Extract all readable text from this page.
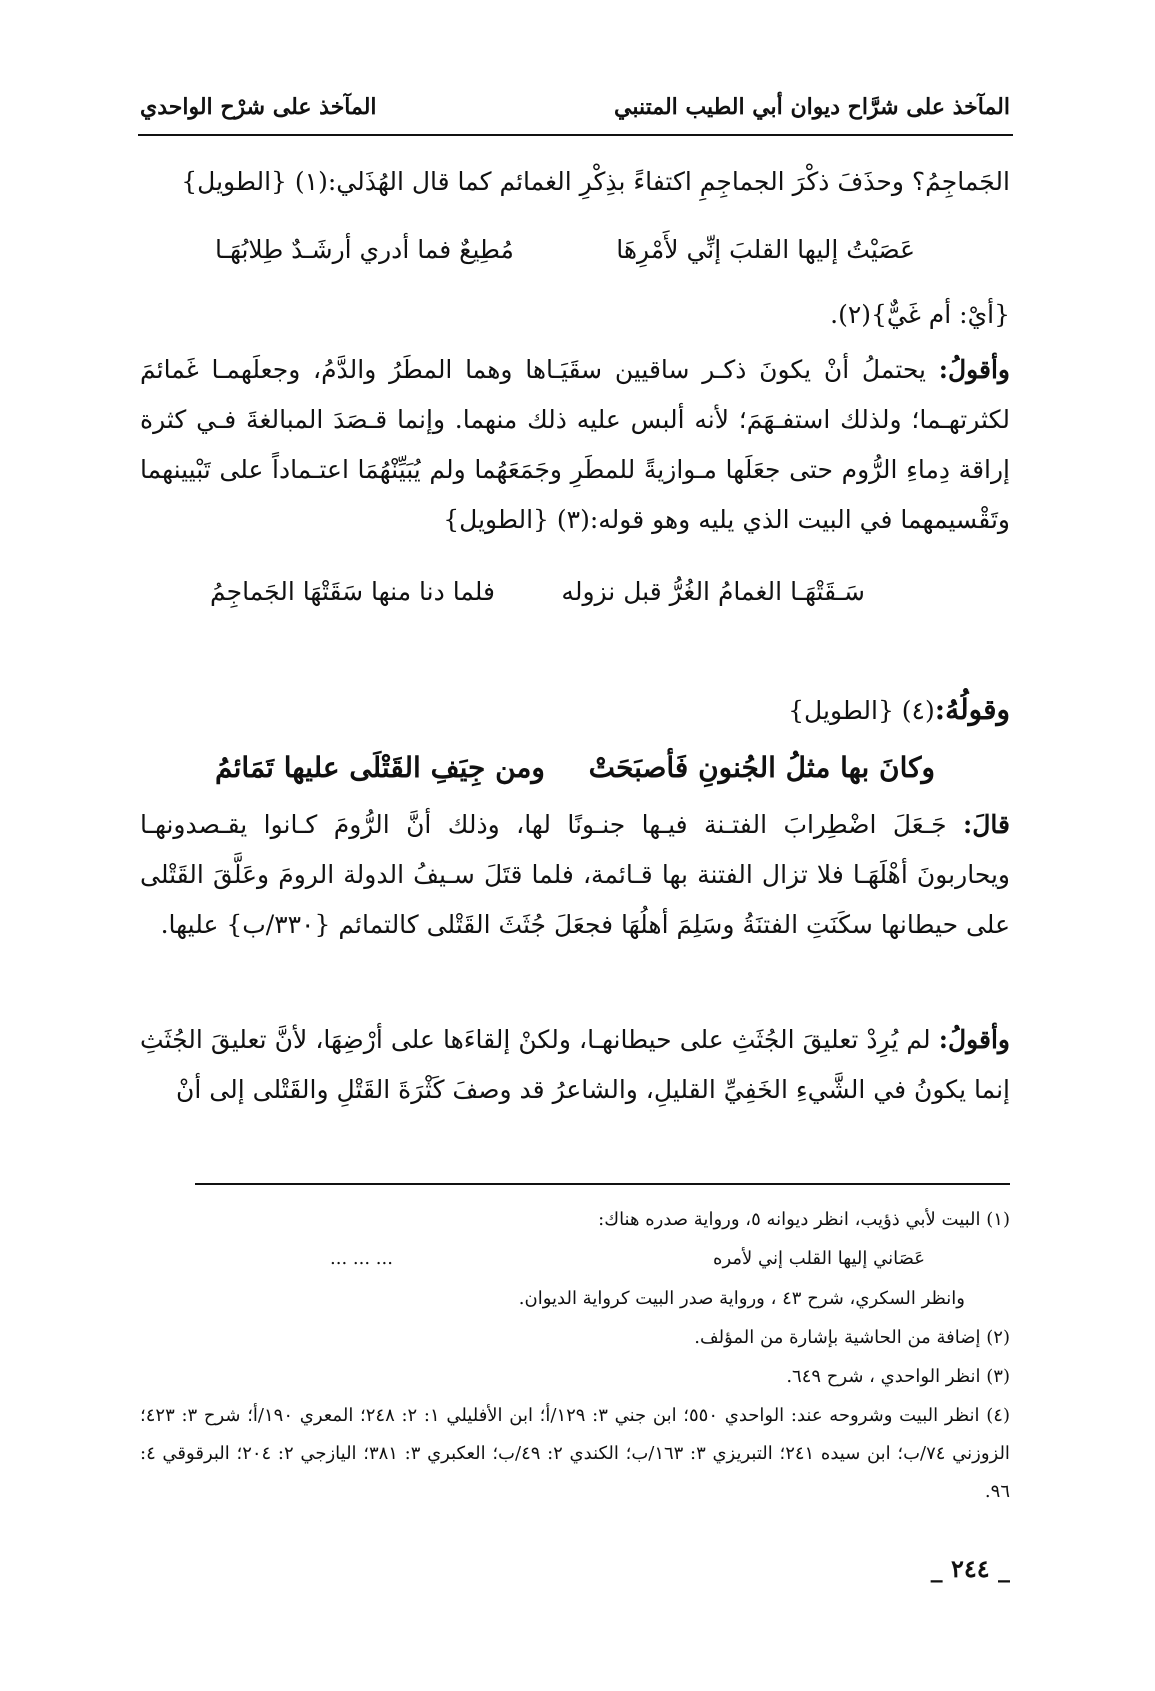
المآخذ على شرَّاح ديوان أبي الطيب المتنبي
المآخذ على شرْح الواحدي
الجَماجِمُ؟ وحذَفَ ذكْرَ الجماجِمِ اكتفاءً بذِكْرِ الغمائم كما قال الهُذَلي:(١) {الطويل}
عَصَيْتُ إليها القلبَ إنِّي لأَمْرِهَا
مُطِيعٌ فما أدري أرشَـدٌ طِلابُهَـا
{أيْ: أم غَيٌّ}(٢).
وأقولُ: يحتملُ أنْ يكونَ ذكـر ساقيين سقَيَـاها وهما المطَرُ والدَّمُ، وجعلَهمـا غَمائمَ لكثرتهـما؛ ولذلك استفـهَمَ؛ لأنه ألبس عليه ذلك منهما. وإنما قـصَدَ المبالغةَ فـي كثرة إراقة دِماءِ الرُّوم حتى جعَلَها مـوازيةً للمطَرِ وجَمَعَهُما ولم يُبَيِّنْهُمَا اعتـماداً على تَبْيينهما وتَقْسيمهما في البيت الذي يليه وهو قوله:(٣) {الطويل}
سَـقَتْهَـا الغمامُ الغُرُّ قبل نزوله
فلما دنا منها سَقَتْهَا الجَماجِمُ
وقولُهُ:(٤) {الطويل}
وكانَ بها مثلُ الجُنونِ فَأصبَحَتْ
ومن جِيَفِ القَتْلَى عليها تَمَائمُ
قالَ: جَـعَلَ اضْطِرابَ الفتـنة فيـها جنـونًا لها، وذلك أنَّ الرُّومَ كـانوا يقـصدونهـا ويحاربونَ أهْلَهَـا فلا تزال الفتنة بها قـائمة، فلما قتَلَ سـيفُ الدولة الرومَ وعَلَّقَ القَتْلى على حيطانها سكَنَتِ الفتنَةُ وسَلِمَ أهلُهَا فجعَلَ جُثَثَ القَتْلى كالتمائم {٣٣٠/ب} عليها.
وأقولُ: لم يُرِدْ تعليقَ الجُثَثِ على حيطانهـا، ولكنْ إلقاءَها على أرْضِهَا، لأنَّ تعليقَ الجُثَثِ إنما يكونُ في الشَّيءِ الخَفِيِّ القليلِ، والشاعرُ قد وصفَ كَثْرَةَ القَتْلِ والقَتْلى إلى أنْ
(١) البيت لأبي ذؤيب، انظر ديوانه ٥، ورواية صدره هناك:
عَصَاني إليها القلب إني لأمره
... ... ...
وانظر السكري، شرح ٤٣ ، ورواية صدر البيت كرواية الديوان.
(٢) إضافة من الحاشية بإشارة من المؤلف.
(٣) انظر الواحدي ، شرح ٦٤٩.
(٤) انظر البيت وشروحه عند: الواحدي ٥٥٠؛ ابن جني ٣: ١٢٩/أ؛ ابن الأفليلي ١: ٢: ٢٤٨؛ المعري ١٩٠/أ؛ شرح ٣: ٤٢٣؛ الزوزني ٧٤/ب؛ ابن سيده ٢٤١؛ التبريزي ٣: ١٦٣/ب؛ الكندي ٢: ٤٩/ب؛ العكبري ٣: ٣٨١؛ اليازجي ٢: ٢٠٤؛ البرقوقي ٤: ٩٦.
_ ٢٤٤ _
